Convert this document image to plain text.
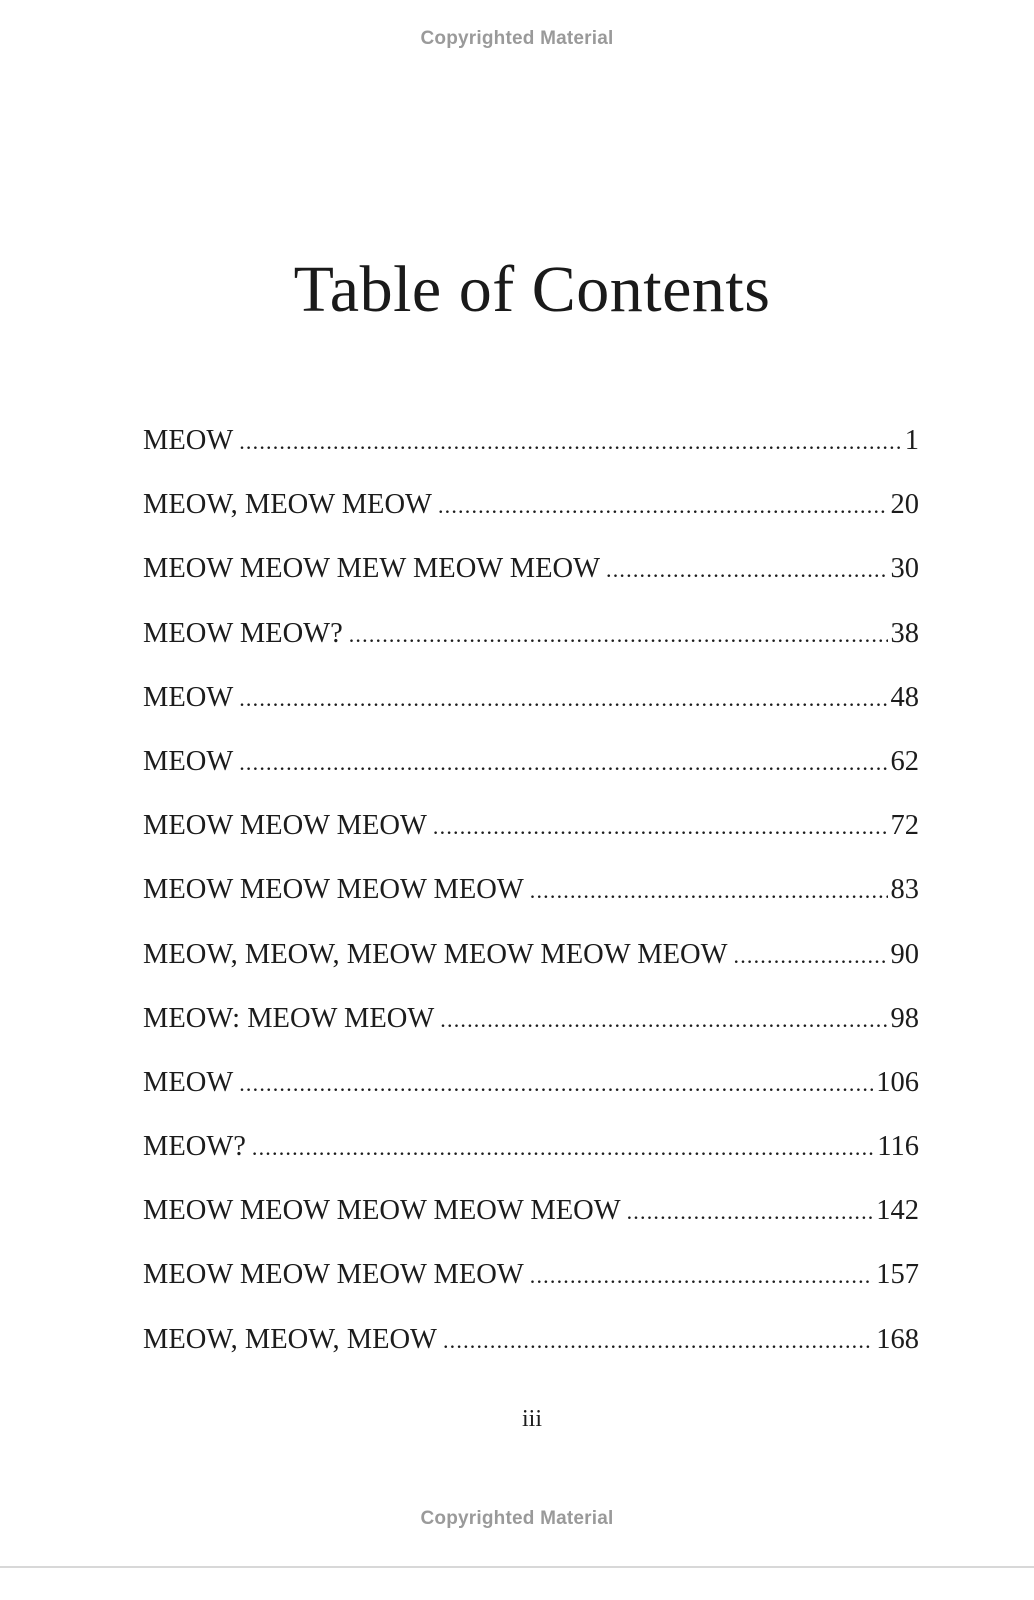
Copyrighted Material
Table of Contents
MEOW .....	1
MEOW, MEOW MEOW .....	20
MEOW MEOW MEW MEOW MEOW .....	30
MEOW MEOW? .....	38
MEOW .....	48
MEOW .....	62
MEOW MEOW MEOW .....	72
MEOW MEOW MEOW MEOW .....	83
MEOW, MEOW, MEOW MEOW MEOW MEOW .....	90
MEOW: MEOW MEOW .....	98
MEOW .....	106
MEOW? .....	116
MEOW MEOW MEOW MEOW MEOW .....	142
MEOW MEOW MEOW MEOW .....	157
MEOW, MEOW, MEOW .....	168
iii
Copyrighted Material
